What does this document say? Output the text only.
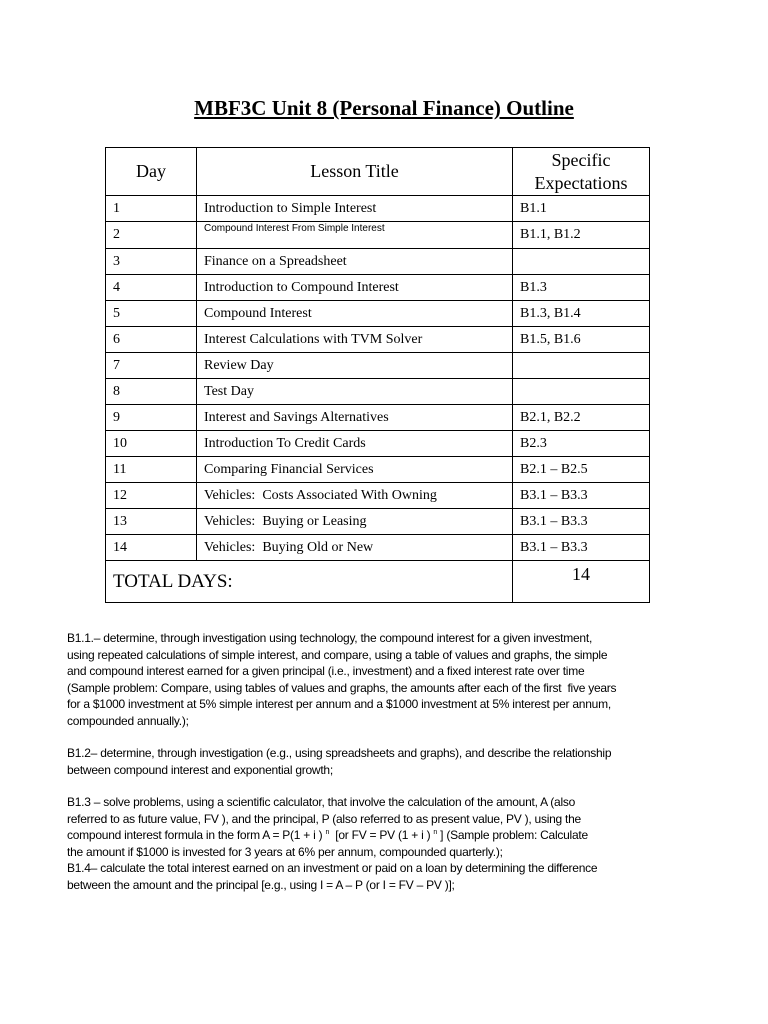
MBF3C Unit 8 (Personal Finance) Outline
Day	Lesson Title	Specific Expectations
1	Introduction to Simple Interest	B1.1
2	Compound Interest From Simple Interest	B1.1, B1.2
3	Finance on a Spreadsheet	
4	Introduction to Compound Interest	B1.3
5	Compound Interest	B1.3, B1.4
6	Interest Calculations with TVM Solver	B1.5, B1.6
7	Review Day	
8	Test Day	
9	Interest and Savings Alternatives	B2.1, B2.2
10	Introduction To Credit Cards	B2.3
11	Comparing Financial Services	B2.1 – B2.5
12	Vehicles:  Costs Associated With Owning	B3.1 – B3.3
13	Vehicles:  Buying or Leasing	B3.1 – B3.3
14	Vehicles:  Buying Old or New	B3.1 – B3.3
TOTAL DAYS:		14

B1.1.– determine, through investigation using technology, the compound interest for a given investment,

using repeated calculations of simple interest, and compare, using a table of values and graphs, the simple

and compound interest earned for a given principal (i.e., investment) and a fixed interest rate over time

(Sample problem: Compare, using tables of values and graphs, the amounts after each of the first  five years

for a $1000 investment at 5% simple interest per annum and a $1000 investment at 5% interest per annum,

compounded annually.);

B1.2– determine, through investigation (e.g., using spreadsheets and graphs), and describe the relationship

between compound interest and exponential growth;

B1.3 – solve problems, using a scientific calculator, that involve the calculation of the amount, A (also

referred to as future value, FV ), and the principal, P (also referred to as present value, PV ), using the

compound interest formula in the form A = P(1 + i ) $^n$  [or FV = PV (1 + i ) $^n$ ] (Sample problem: Calculate

the amount if $1000 is invested for 3 years at 6% per annum, compounded quarterly.);

B1.4– calculate the total interest earned on an investment or paid on a loan by determining the difference

between the amount and the principal [e.g., using I = A – P (or I = FV – PV )];
